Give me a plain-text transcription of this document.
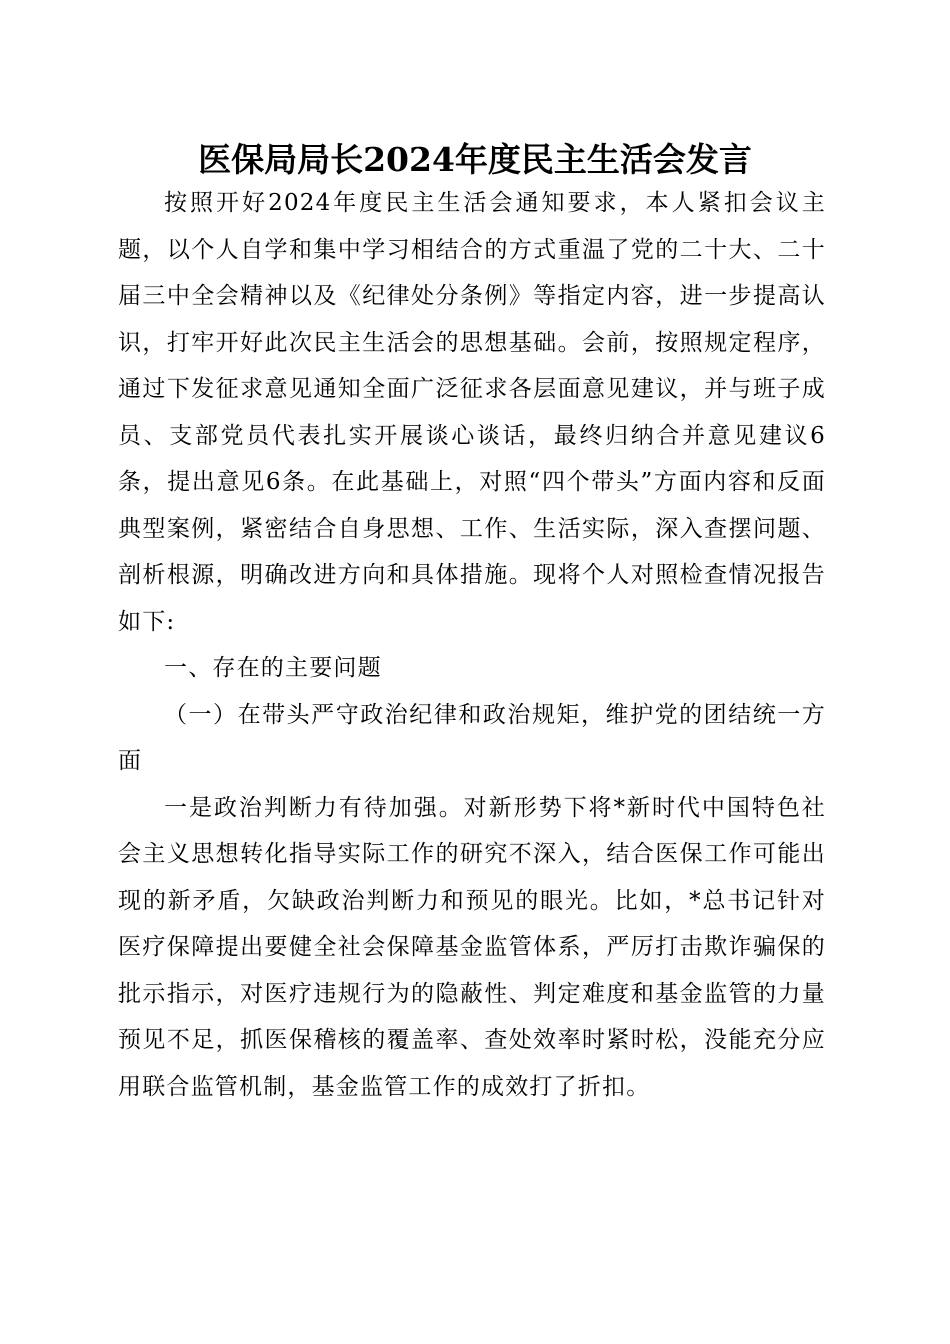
医保局局长2024年度民主生活会发言

按照开好2024年度民主生活会通知要求，本人紧扣会议主题，以个人自学和集中学习相结合的方式重温了党的二十大、二十届三中全会精神以及《纪律处分条例》等指定内容，进一步提高认识，打牢开好此次民主生活会的思想基础。会前，按照规定程序，通过下发征求意见通知全面广泛征求各层面意见建议，并与班子成员、支部党员代表扎实开展谈心谈话，最终归纳合并意见建议6条，提出意见6条。在此基础上，对照“四个带头”方面内容和反面典型案例，紧密结合自身思想、工作、生活实际，深入查摆问题、剖析根源，明确改进方向和具体措施。现将个人对照检查情况报告如下:

一、存在的主要问题

（一）在带头严守政治纪律和政治规矩，维护党的团结统一方面

一是政治判断力有待加强。对新形势下将*新时代中国特色社会主义思想转化指导实际工作的研究不深入，结合医保工作可能出现的新矛盾，欠缺政治判断力和预见的眼光。比如，*总书记针对医疗保障提出要健全社会保障基金监管体系，严厉打击欺诈骗保的批示指示，对医疗违规行为的隐蔽性、判定难度和基金监管的力量预见不足，抓医保稽核的覆盖率、查处效率时紧时松，没能充分应用联合监管机制，基金监管工作的成效打了折扣。
